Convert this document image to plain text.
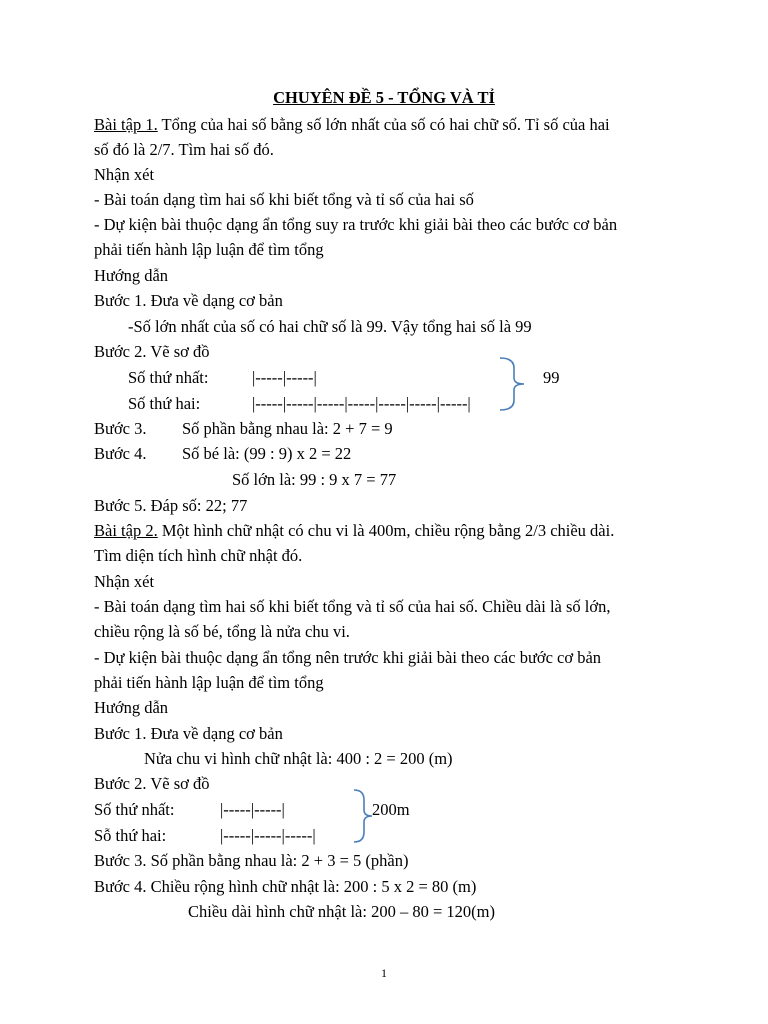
CHUYÊN ĐỀ 5 - TỔNG VÀ TỈ
Bài tập 1. Tổng của hai số bằng số lớn nhất của số có hai chữ số. Tỉ số của hai
số đó là 2/7. Tìm hai số đó.
Nhận xét
- Bài toán dạng tìm hai số khi biết tổng và tỉ số của hai số
- Dự kiện bài thuộc dạng ẩn tổng suy ra trước khi giải bài theo các bước cơ bản
phải tiến hành lập luận để tìm tổng
Hướng dẫn
Bước 1. Đưa về dạng cơ bản
-Số lớn nhất của số có hai chữ số là 99. Vậy tổng hai số là 99
Bước 2. Vẽ sơ đồ
Số thứ nhất:	|-----|-----|
Số thứ hai:	|-----|-----|-----|-----|-----|-----|-----|
99
Bước 3. Số phần bằng nhau là: 2 + 7 = 9
Bước 4. Số bé là: (99 : 9) x 2 = 22
Số lớn là: 99 : 9 x 7 = 77
Bước 5. Đáp số: 22; 77
Bài tập 2. Một hình chữ nhật có chu vi là 400m, chiều rộng bằng 2/3 chiều dài.
Tìm diện tích hình chữ nhật đó.
Nhận xét
- Bài toán dạng tìm hai số khi biết tổng và tỉ số của hai số. Chiều dài là số lớn,
chiều rộng là số bé, tổng là nửa chu vi.
- Dự kiện bài thuộc dạng ẩn tổng nên trước khi giải bài theo các bước cơ bản
phải tiến hành lập luận để tìm tổng
Hướng dẫn
Bước 1. Đưa về dạng cơ bản
Nửa chu vi hình chữ nhật là: 400 : 2 = 200 (m)
Bước 2. Vẽ sơ đồ
Số thứ nhất:	|-----|-----|
Sỗ thứ hai:	|-----|-----|-----|
200m
Bước 3. Số phần bằng nhau là: 2 + 3 = 5 (phần)
Bước 4. Chiều rộng hình chữ nhật là: 200 : 5 x 2 = 80 (m)
Chiều dài hình chữ nhật là: 200 – 80 = 120(m)
1
